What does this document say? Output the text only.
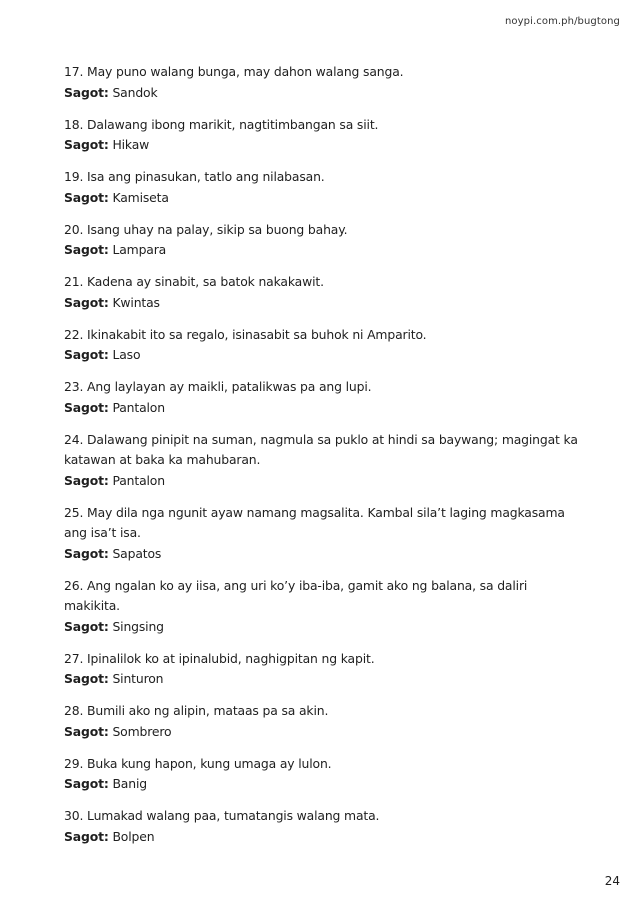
noypi.com.ph/bugtong
17. May puno walang bunga, may dahon walang sanga.
Sagot: Sandok
18. Dalawang ibong marikit, nagtitimbangan sa siit.
Sagot: Hikaw
19. Isa ang pinasukan, tatlo ang nilabasan.
Sagot: Kamiseta
20. Isang uhay na palay, sikip sa buong bahay.
Sagot: Lampara
21. Kadena ay sinabit, sa batok nakakawit.
Sagot: Kwintas
22. Ikinakabit ito sa regalo, isinasabit sa buhok ni Amparito.
Sagot: Laso
23. Ang laylayan ay maikli, patalikwas pa ang lupi.
Sagot: Pantalon
24. Dalawang pinipit na suman, nagmula sa puklo at hindi sa baywang; magingat ka katawan at baka ka mahubaran.
Sagot: Pantalon
25. May dila nga ngunit ayaw namang magsalita. Kambal sila’t laging magkasama ang isa’t isa.
Sagot: Sapatos
26. Ang ngalan ko ay iisa, ang uri ko’y iba-iba, gamit ako ng balana, sa daliri makikita.
Sagot: Singsing
27. Ipinalilok ko at ipinalubid, naghigpitan ng kapit.
Sagot: Sinturon
28. Bumili ako ng alipin, mataas pa sa akin.
Sagot: Sombrero
29. Buka kung hapon, kung umaga ay lulon.
Sagot: Banig
30. Lumakad walang paa, tumatangis walang mata.
Sagot: Bolpen
24
